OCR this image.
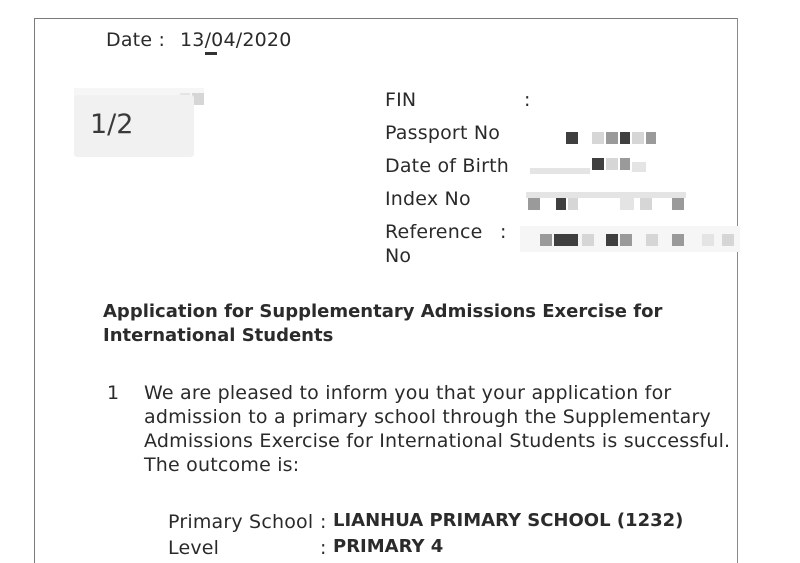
Date : 13/04/2020
1/2
FIN	:
Passport No
Date of Birth
Index No
Reference
No
:
Application for Supplementary Admissions Exercise for
International Students
1 We are pleased to inform you that your application for
admission to a primary school through the Supplementary
Admissions Exercise for International Students is successful.
The outcome is:
Primary School : LIANHUA PRIMARY SCHOOL (1232)
Level	: PRIMARY 4
